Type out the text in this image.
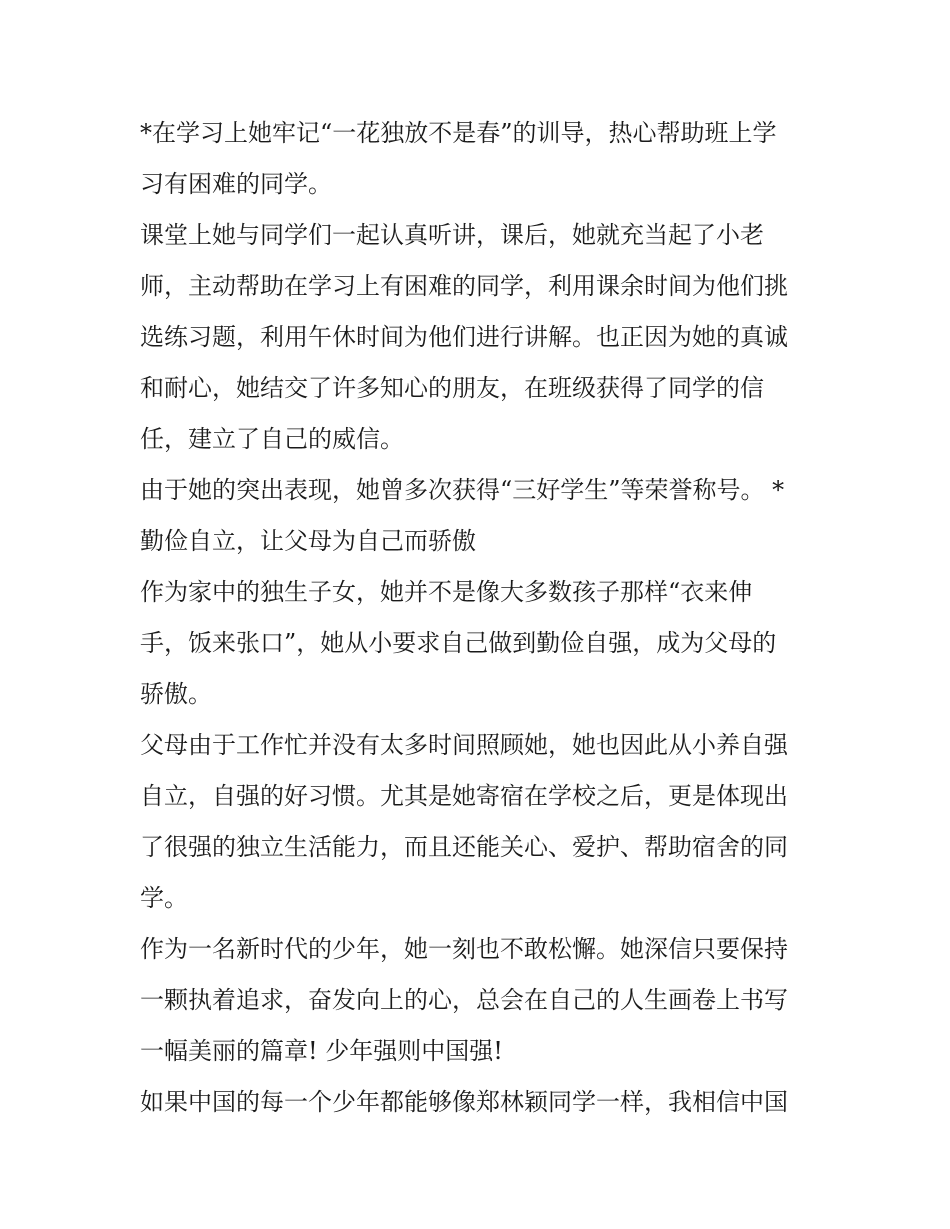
*在学习上她牢记“一花独放不是春”的训导，热心帮助班上学
习有困难的同学。
课堂上她与同学们一起认真听讲，课后，她就充当起了小老
师，主动帮助在学习上有困难的同学，利用课余时间为他们挑
选练习题，利用午休时间为他们进行讲解。也正因为她的真诚
和耐心，她结交了许多知心的朋友，在班级获得了同学的信
任，建立了自己的威信。
由于她的突出表现，她曾多次获得“三好学生”等荣誉称号。 *
勤俭自立，让父母为自己而骄傲
作为家中的独生子女，她并不是像大多数孩子那样“衣来伸
手，饭来张口”，她从小要求自己做到勤俭自强，成为父母的
骄傲。
父母由于工作忙并没有太多时间照顾她，她也因此从小养自强
自立，自强的好习惯。尤其是她寄宿在学校之后，更是体现出
了很强的独立生活能力，而且还能关心、爱护、帮助宿舍的同
学。
作为一名新时代的少年，她一刻也不敢松懈。她深信只要保持
一颗执着追求，奋发向上的心，总会在自己的人生画卷上书写
一幅美丽的篇章! 少年强则中国强!
如果中国的每一个少年都能够像郑林颖同学一样，我相信中国
